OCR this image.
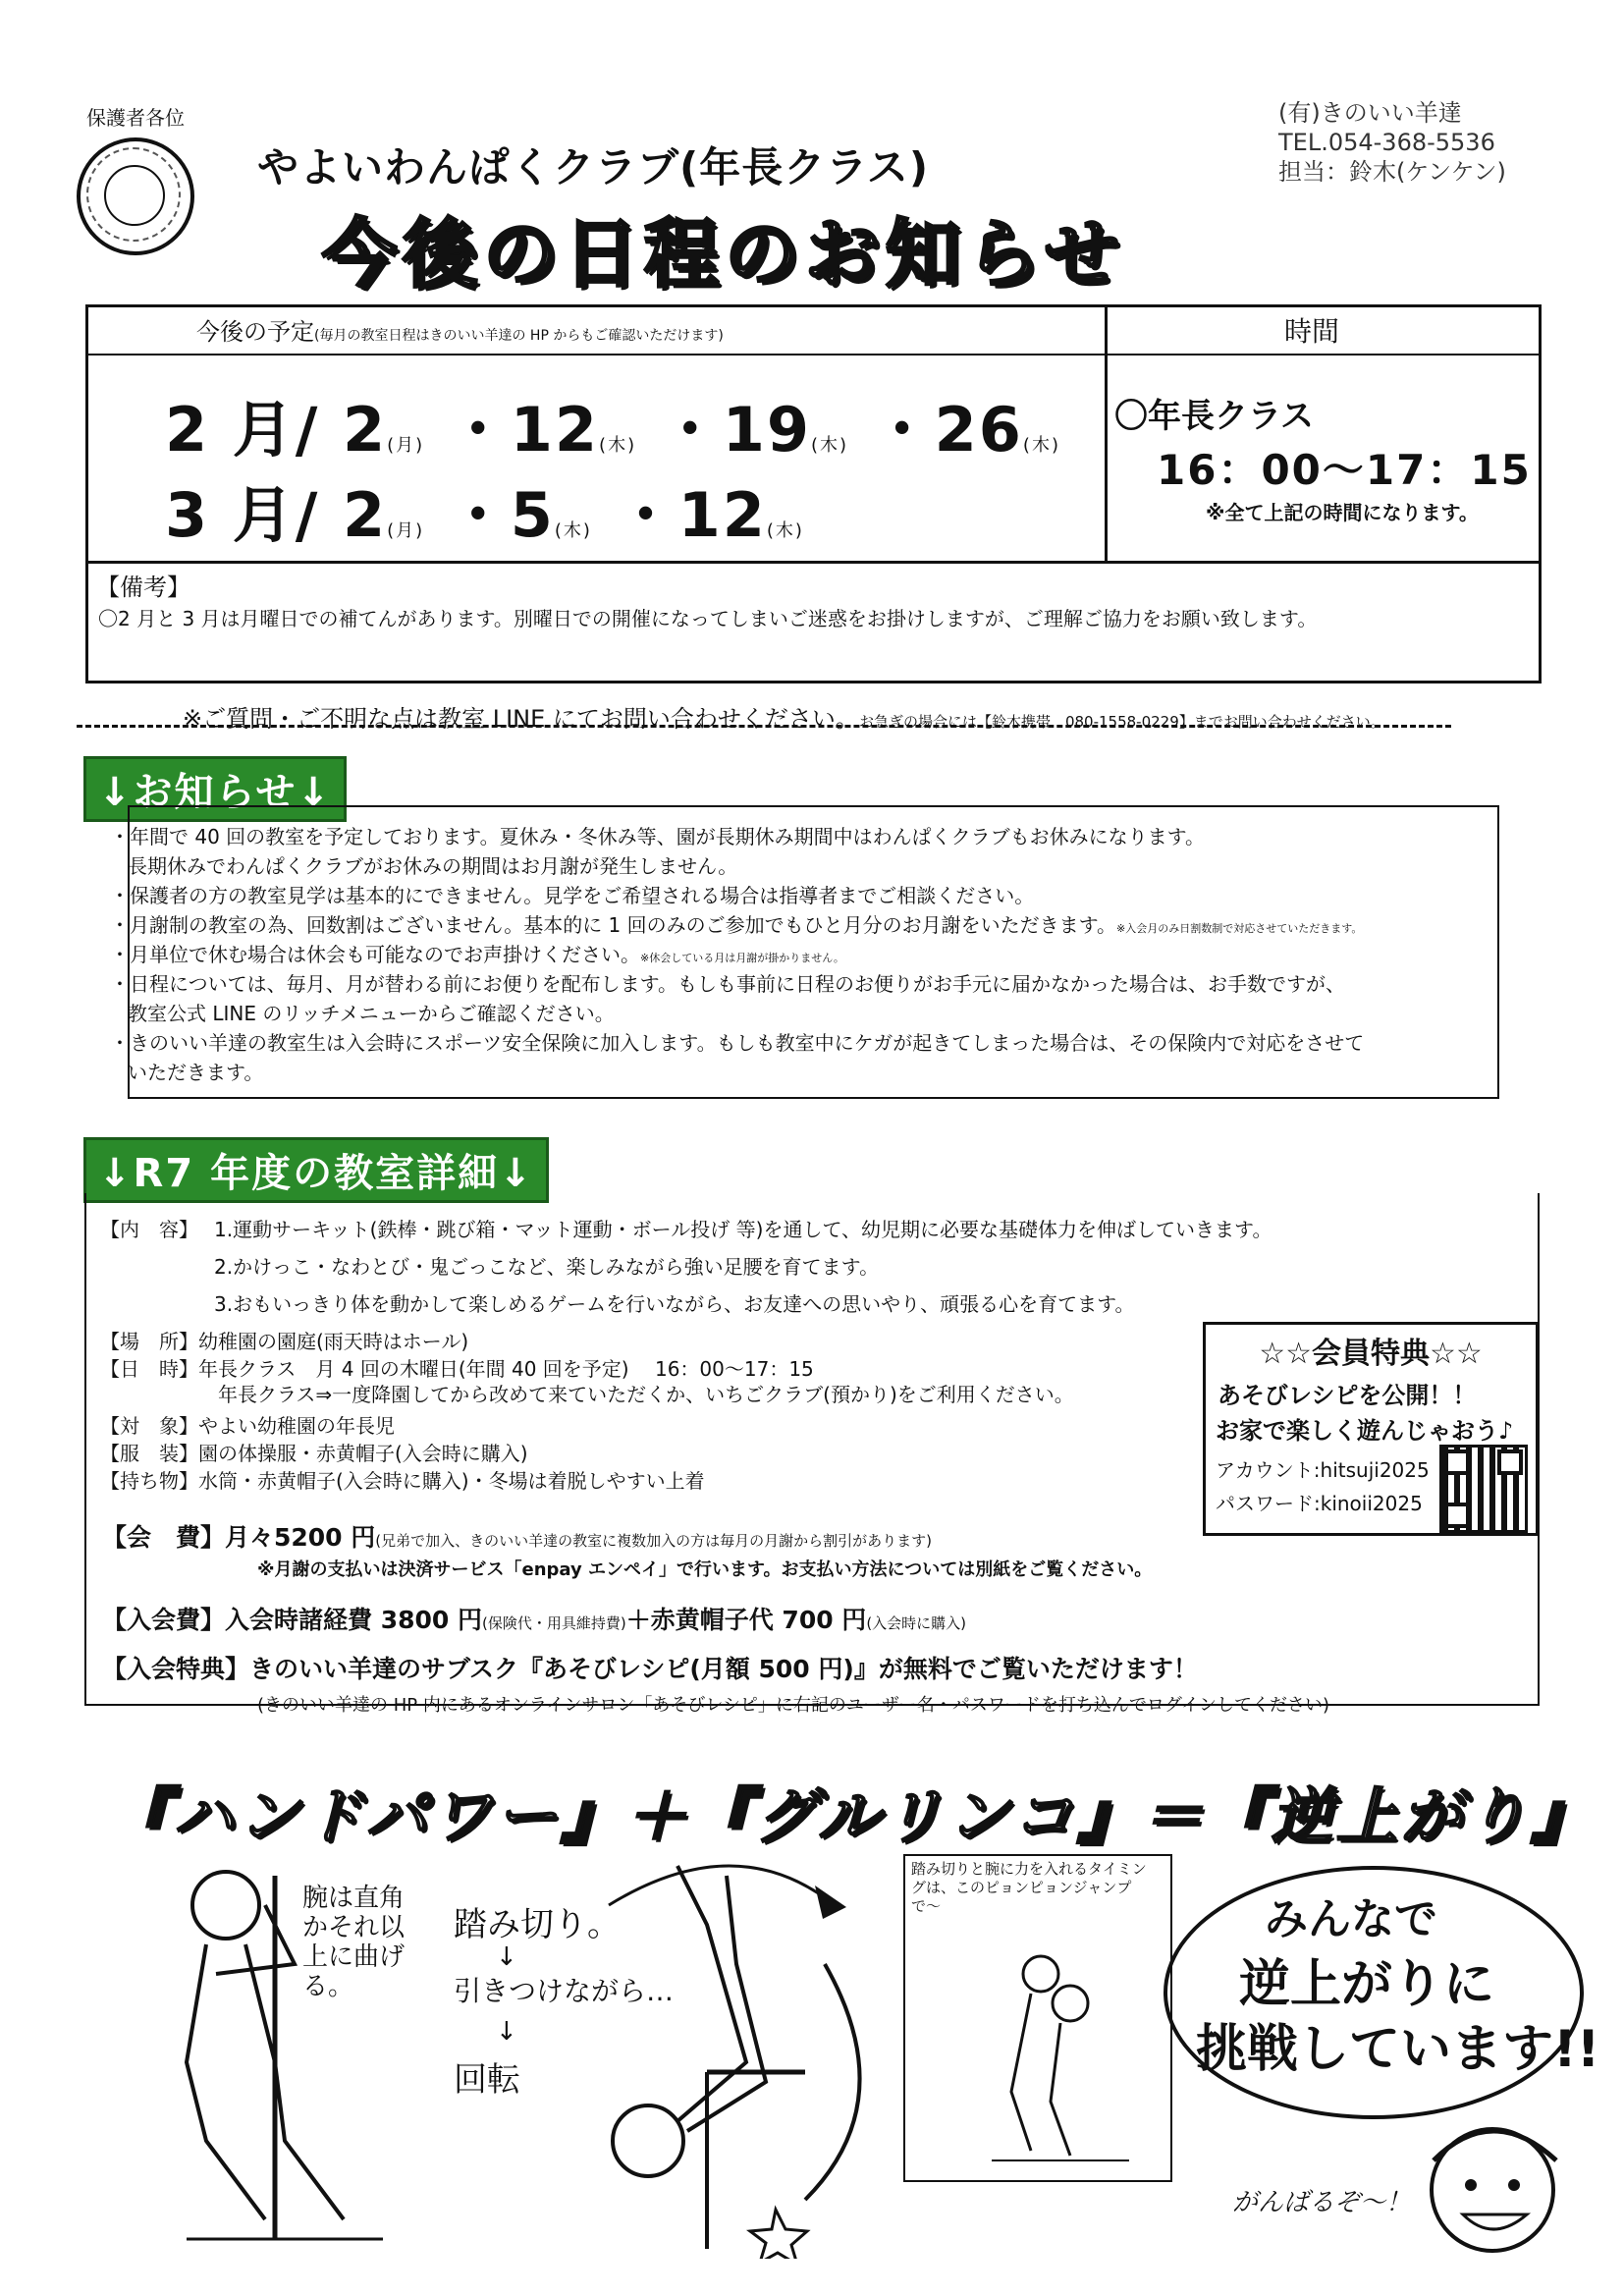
保護者各位
やよいわんぱくクラブ(年長クラス)
今後の日程のお知らせ
(有)きのいい羊達
TEL.054-368-5536
担当：鈴木(ケンケン)
今後の予定(毎月の教室日程はきのいい羊達の HP からもご確認いただけます)	時間
2 月/ 2(月) ・12(木) ・19(木) ・26(木)
3 月/ 2(月) ・5(木) ・12(木)
〇年長クラス
16：00〜17：15
※全て上記の時間になります。
【備考】
〇2 月と 3 月は月曜日での補てんがあります。別曜日での開催になってしまいご迷惑をお掛けしますが、ご理解ご協力をお願い致します。
※ご質問・ご不明な点は教室 LINE にてお問い合わせください。お急ぎの場合には【鈴木携帯　080-1558-0229】までお問い合わせください。
↓お知らせ↓
・年間で 40 回の教室を予定しております。夏休み・冬休み等、園が長期休み期間中はわんぱくクラブもお休みになります。
長期休みでわんぱくクラブがお休みの期間はお月謝が発生しません。
・保護者の方の教室見学は基本的にできません。見学をご希望される場合は指導者までご相談ください。
・月謝制の教室の為、回数割はございません。基本的に 1 回のみのご参加でもひと月分のお月謝をいただきます。※入会月のみ日割数制で対応させていただきます。
・月単位で休む場合は休会も可能なのでお声掛けください。※休会している月は月謝が掛かりません。
・日程については、毎月、月が替わる前にお便りを配布します。もしも事前に日程のお便りがお手元に届かなかった場合は、お手数ですが、
教室公式 LINE のリッチメニューからご確認ください。
・きのいい羊達の教室生は入会時にスポーツ安全保険に加入します。もしも教室中にケガが起きてしまった場合は、その保険内で対応をさせて
いただきます。
↓R7 年度の教室詳細↓
【内　容】 1.運動サーキット(鉄棒・跳び箱・マット運動・ボール投げ 等)を通して、幼児期に必要な基礎体力を伸ばしていきます。
2.かけっこ・なわとび・鬼ごっこなど、楽しみながら強い足腰を育てます。
3.おもいっきり体を動かして楽しめるゲームを行いながら、お友達への思いやり、頑張る心を育てます。
【場　所】幼稚園の園庭(雨天時はホール)
【日　時】年長クラス　月 4 回の木曜日(年間 40 回を予定)　 16：00〜17：15
年長クラス⇒一度降園してから改めて来ていただくか、いちごクラブ(預かり)をご利用ください。
【対　象】やよい幼稚園の年長児
【服　装】園の体操服・赤黄帽子(入会時に購入)
【持ち物】水筒・赤黄帽子(入会時に購入)・冬場は着脱しやすい上着
【会　費】月々5200 円(兄弟で加入、きのいい羊達の教室に複数加入の方は毎月の月謝から割引があります)
※月謝の支払いは決済サービス「enpay エンペイ」で行います。お支払い方法については別紙をご覧ください。
【入会費】入会時諸経費 3800 円(保険代・用具維持費)＋赤黄帽子代 700 円(入会時に購入)
【入会特典】きのいい羊達のサブスク『あそびレシピ(月額 500 円)』が無料でご覧いただけます！
(きのいい羊達の HP 内にあるオンラインサロン「あそびレシピ」に右記のユーザー名・パスワードを打ち込んでログインしてください)
☆☆会員特典☆☆
あそびレシピを公開！！
お家で楽しく遊んじゃおう♪
アカウント:hitsuji2025
パスワード:kinoii2025
『ハンドパワー』＋『グルリンコ』＝『逆上がり』
腕は直角かそれ以上に曲げる。
踏み切り。
↓
引きつけながら…
↓
回転
踏み切りと腕に力を入れるタイミングは、このピョンピョンジャンプで〜	みんなで
逆上がりに
挑戦しています!!
がんばるぞ〜！
